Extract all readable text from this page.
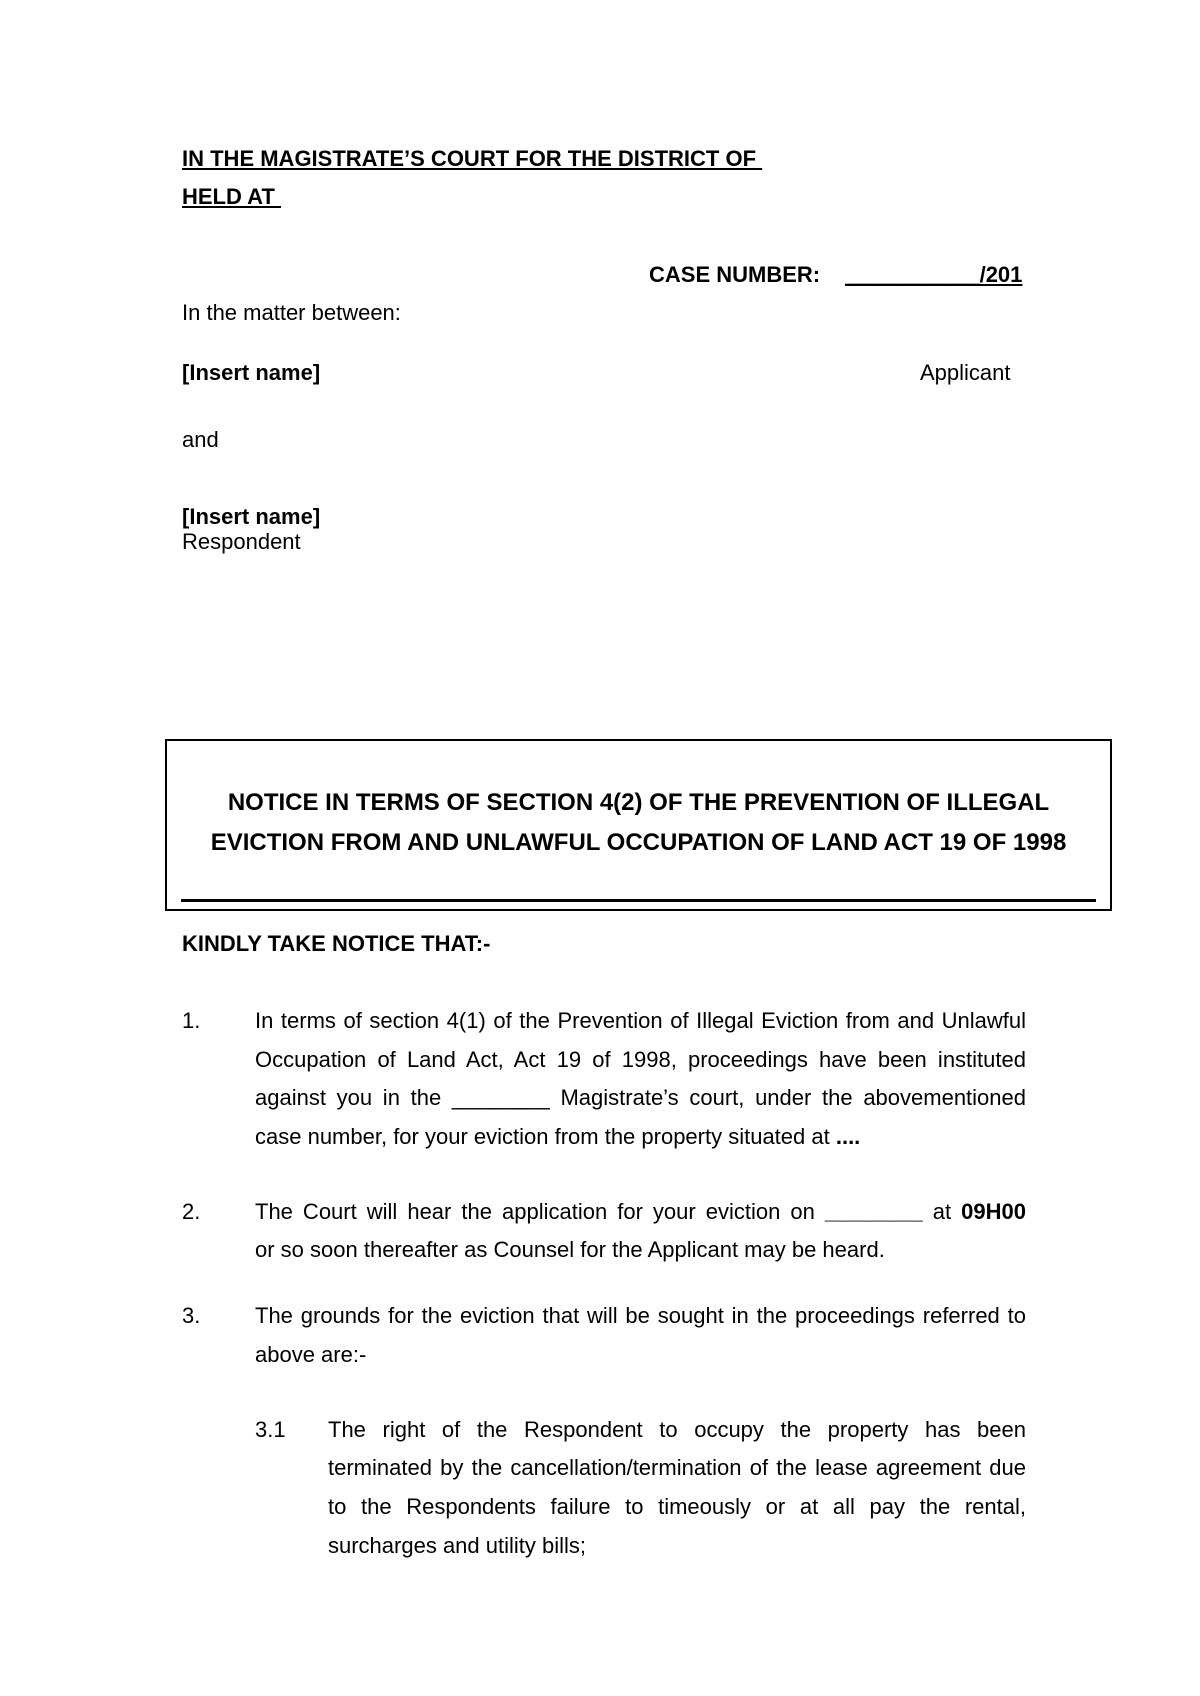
IN THE MAGISTRATE’S COURT FOR THE DISTRICT OF
HELD AT
CASE NUMBER: ___________/201
In the matter between:
[Insert name]	Applicant
and
[Insert name]
Respondent
NOTICE IN TERMS OF SECTION 4(2) OF THE PREVENTION OF ILLEGAL
EVICTION FROM AND UNLAWFUL OCCUPATION OF LAND ACT 19 OF 1998
KINDLY TAKE NOTICE THAT:-
1. In terms of section 4(1) of the Prevention of Illegal Eviction from and Unlawful
Occupation of Land Act, Act 19 of 1998, proceedings have been instituted
against you in the ________ Magistrate’s court, under the abovementioned
case number, for your eviction from the property situated at ....
2. The Court will hear the application for your eviction on ________ at 09H00
or so soon thereafter as Counsel for the Applicant may be heard.
3. The grounds for the eviction that will be sought in the proceedings referred to
above are:-
3.1 The right of the Respondent to occupy the property has been
terminated by the cancellation/termination of the lease agreement due
to the Respondents failure to timeously or at all pay the rental,
surcharges and utility bills;
